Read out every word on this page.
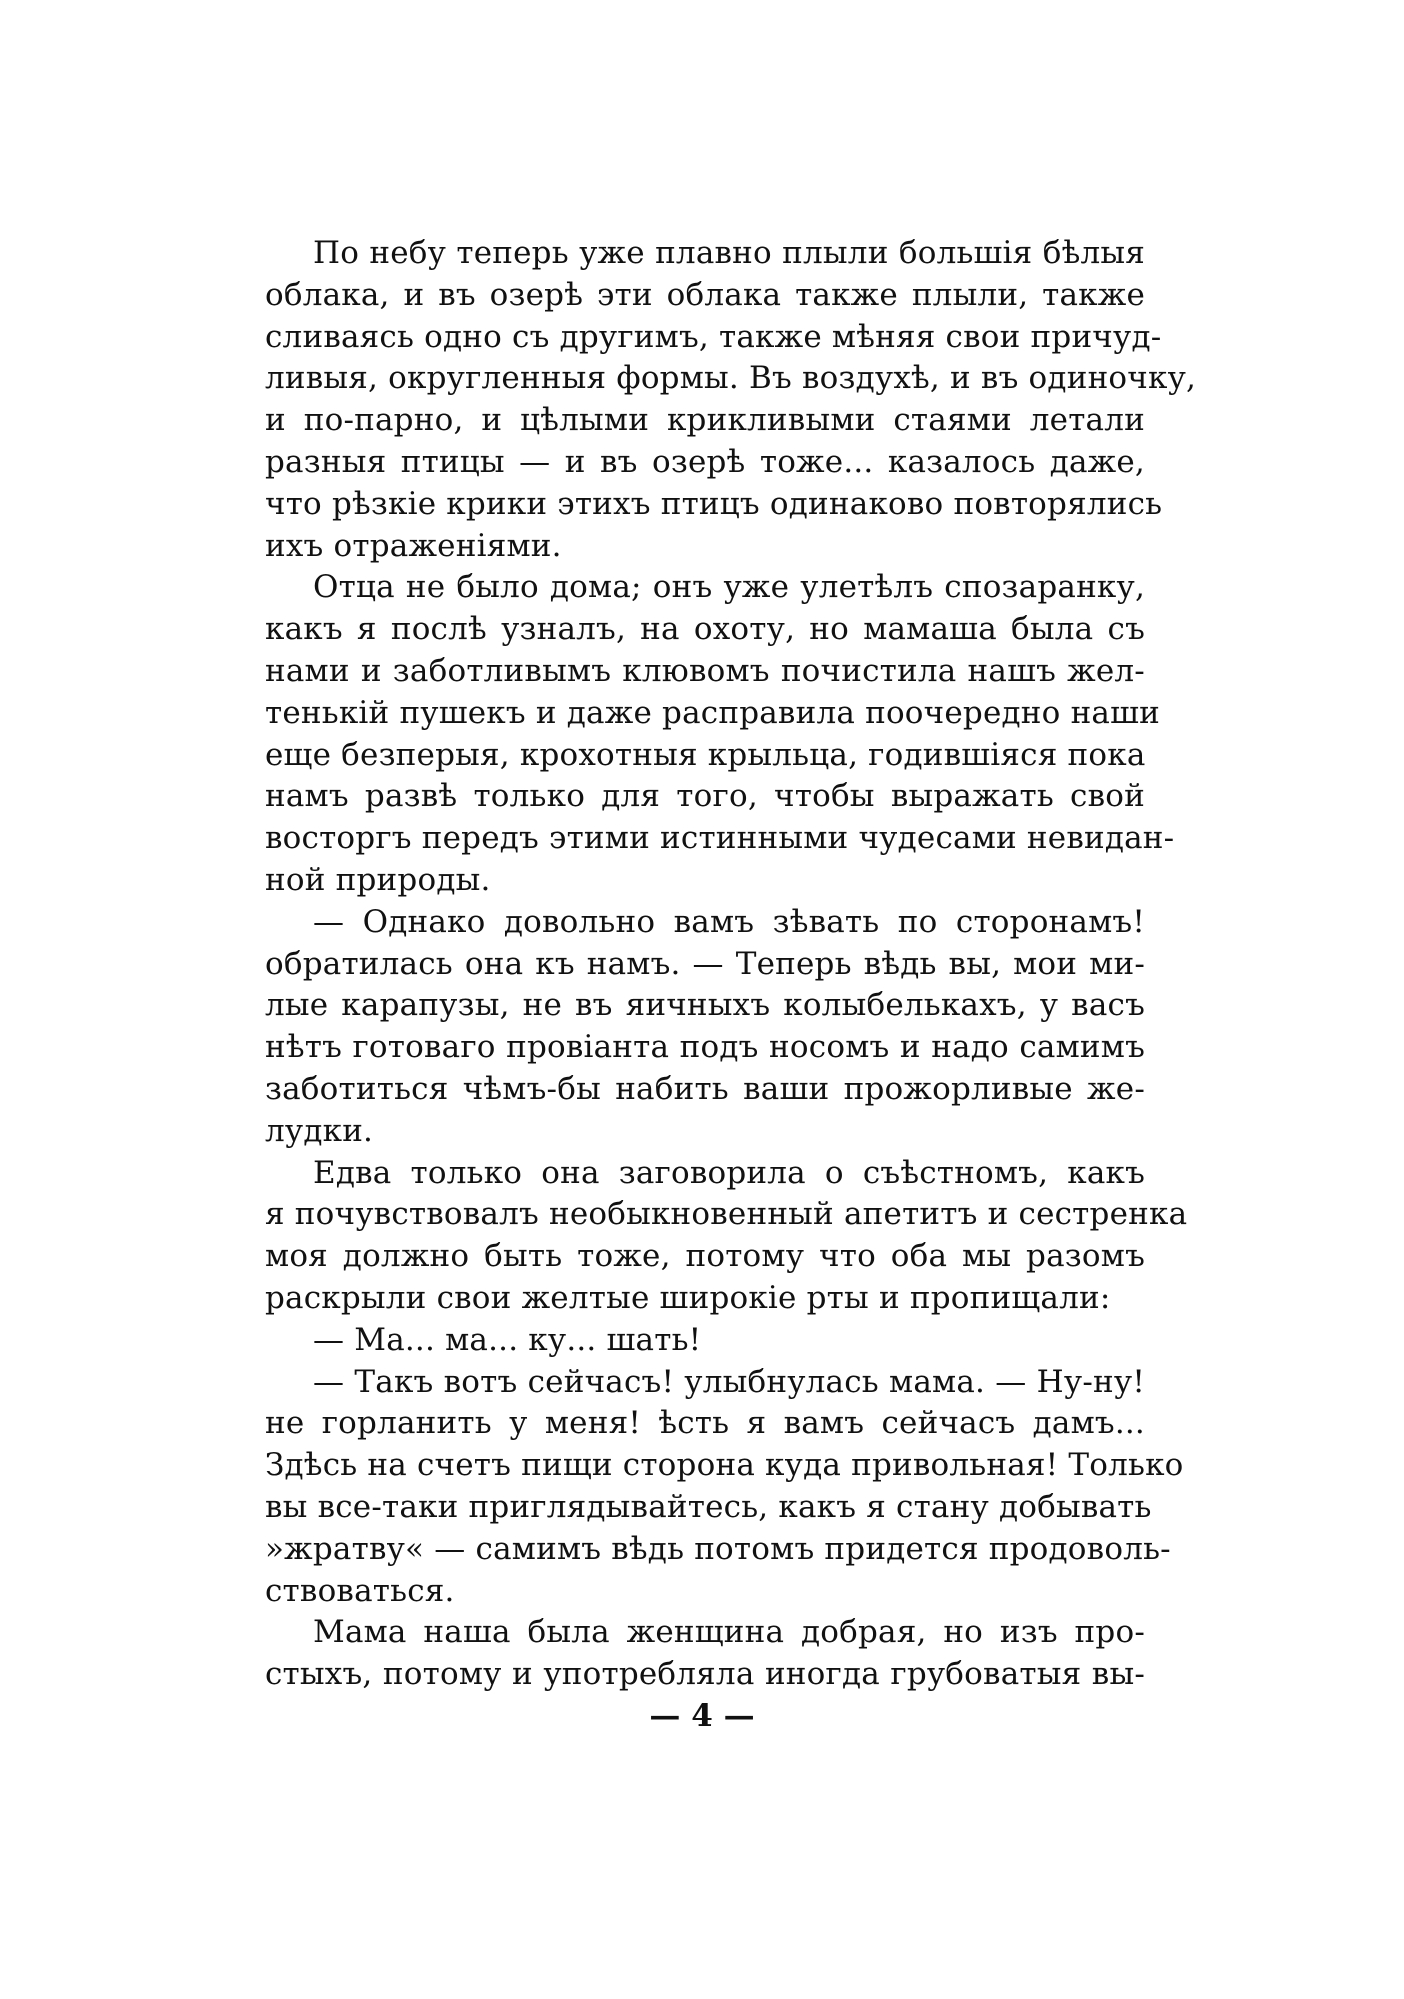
По небу теперь уже плавно плыли большія бѣлыя
облака, и въ озерѣ эти облака также плыли, также
сливаясь одно съ другимъ, также мѣняя свои причуд-
ливыя, округленныя формы. Въ воздухѣ, и въ одиночку,
и по-парно, и цѣлыми крикливыми стаями летали
разныя птицы — и въ озерѣ тоже... казалось даже,
что рѣзкіе крики этихъ птицъ одинаково повторялись
ихъ отраженіями.
Отца не было дома; онъ уже улетѣлъ спозаранку,
какъ я послѣ узналъ, на охоту, но мамаша была съ
нами и заботливымъ клювомъ почистила нашъ жел-
тенькій пушекъ и даже расправила поочередно наши
еще безперыя, крохотныя крыльца, годившіяся пока
намъ развѣ только для того, чтобы выражать свой
восторгъ передъ этими истинными чудесами невидан-
ной природы.
— Однако довольно вамъ зѣвать по сторонамъ!
обратилась она къ намъ. — Теперь вѣдь вы, мои ми-
лые карапузы, не въ яичныхъ колыбелькахъ, у васъ
нѣтъ готоваго провіанта подъ носомъ и надо самимъ
заботиться чѣмъ-бы набить ваши прожорливые же-
лудки.
Едва только она заговорила о съѣстномъ, какъ
я почувствовалъ необыкновенный апетитъ и сестренка
моя должно быть тоже, потому что оба мы разомъ
раскрыли свои желтые широкіе рты и пропищали:
— Ма... ма... ку... шать!
— Такъ вотъ сейчасъ! улыбнулась мама. — Ну-ну!
не горланить у меня! ѣсть я вамъ сейчасъ дамъ...
Здѣсь на счетъ пищи сторона куда привольная! Только
вы все-таки приглядывайтесь, какъ я стану добывать
»жратву« — самимъ вѣдь потомъ придется продоволь-
ствоваться.
Мама наша была женщина добрая, но изъ про-
стыхъ, потому и употребляла иногда грубоватыя вы-
— 4 —
